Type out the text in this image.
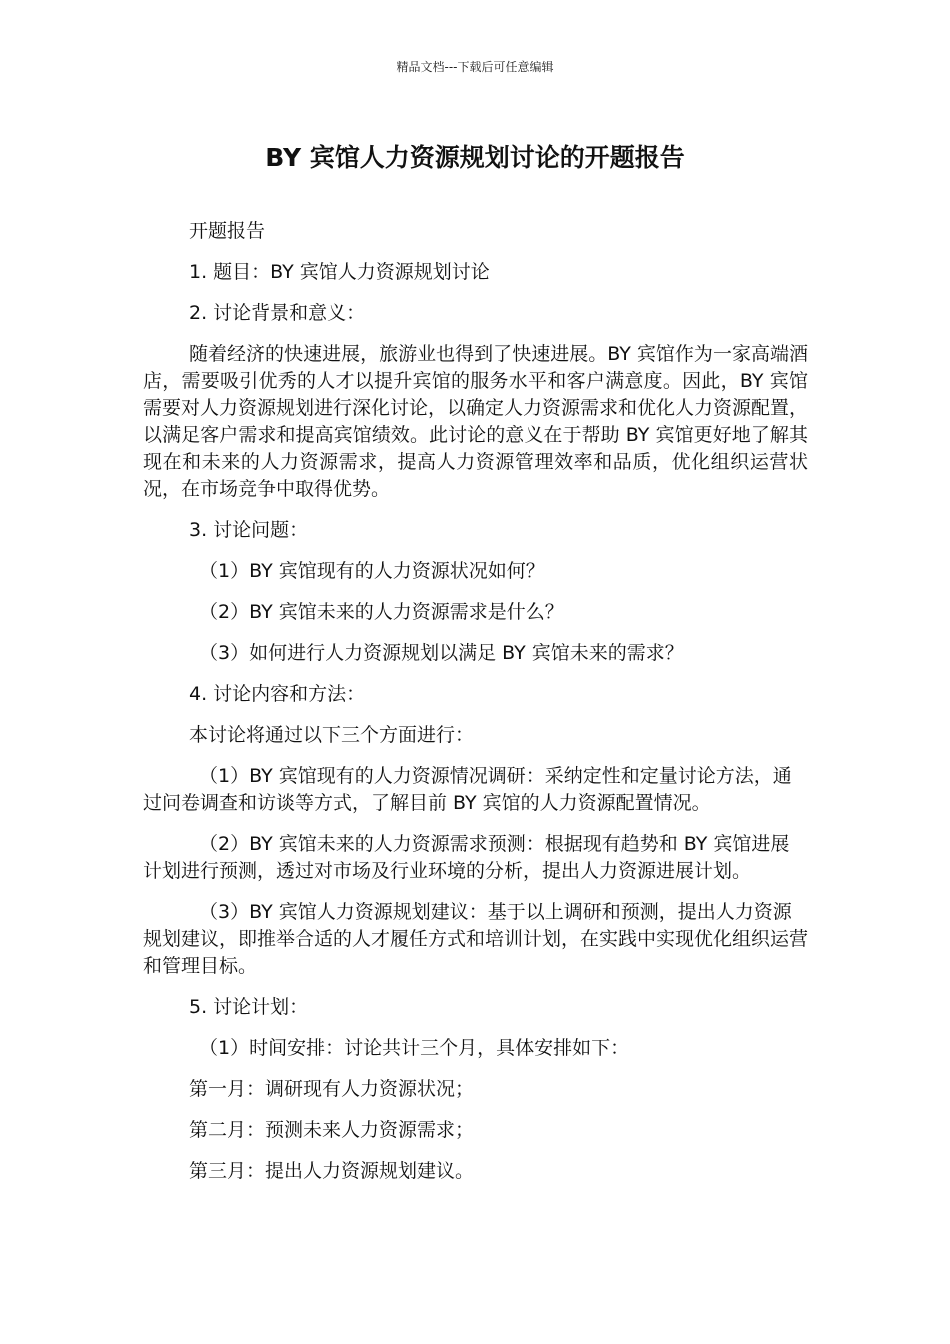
精品文档---下载后可任意编辑
BY 宾馆人力资源规划讨论的开题报告

开题报告

1. 题目：BY 宾馆人力资源规划讨论

2. 讨论背景和意义：

随着经济的快速进展，旅游业也得到了快速进展。BY 宾馆作为一家高端酒店，需要吸引优秀的人才以提升宾馆的服务水平和客户满意度。因此，BY 宾馆需要对人力资源规划进行深化讨论，以确定人力资源需求和优化人力资源配置，以满足客户需求和提高宾馆绩效。此讨论的意义在于帮助 BY 宾馆更好地了解其现在和未来的人力资源需求，提高人力资源管理效率和品质，优化组织运营状况，在市场竞争中取得优势。

3. 讨论问题：

（1）BY 宾馆现有的人力资源状况如何？

（2）BY 宾馆未来的人力资源需求是什么？

（3）如何进行人力资源规划以满足 BY 宾馆未来的需求？

4. 讨论内容和方法：

本讨论将通过以下三个方面进行：

（1）BY 宾馆现有的人力资源情况调研：采纳定性和定量讨论方法，通过问卷调查和访谈等方式，了解目前 BY 宾馆的人力资源配置情况。

（2）BY 宾馆未来的人力资源需求预测：根据现有趋势和 BY 宾馆进展计划进行预测，透过对市场及行业环境的分析，提出人力资源进展计划。

（3）BY 宾馆人力资源规划建议：基于以上调研和预测，提出人力资源规划建议，即推举合适的人才履任方式和培训计划，在实践中实现优化组织运营和管理目标。

5. 讨论计划：

（1）时间安排：讨论共计三个月，具体安排如下：

第一月：调研现有人力资源状况；

第二月：预测未来人力资源需求；

第三月：提出人力资源规划建议。
